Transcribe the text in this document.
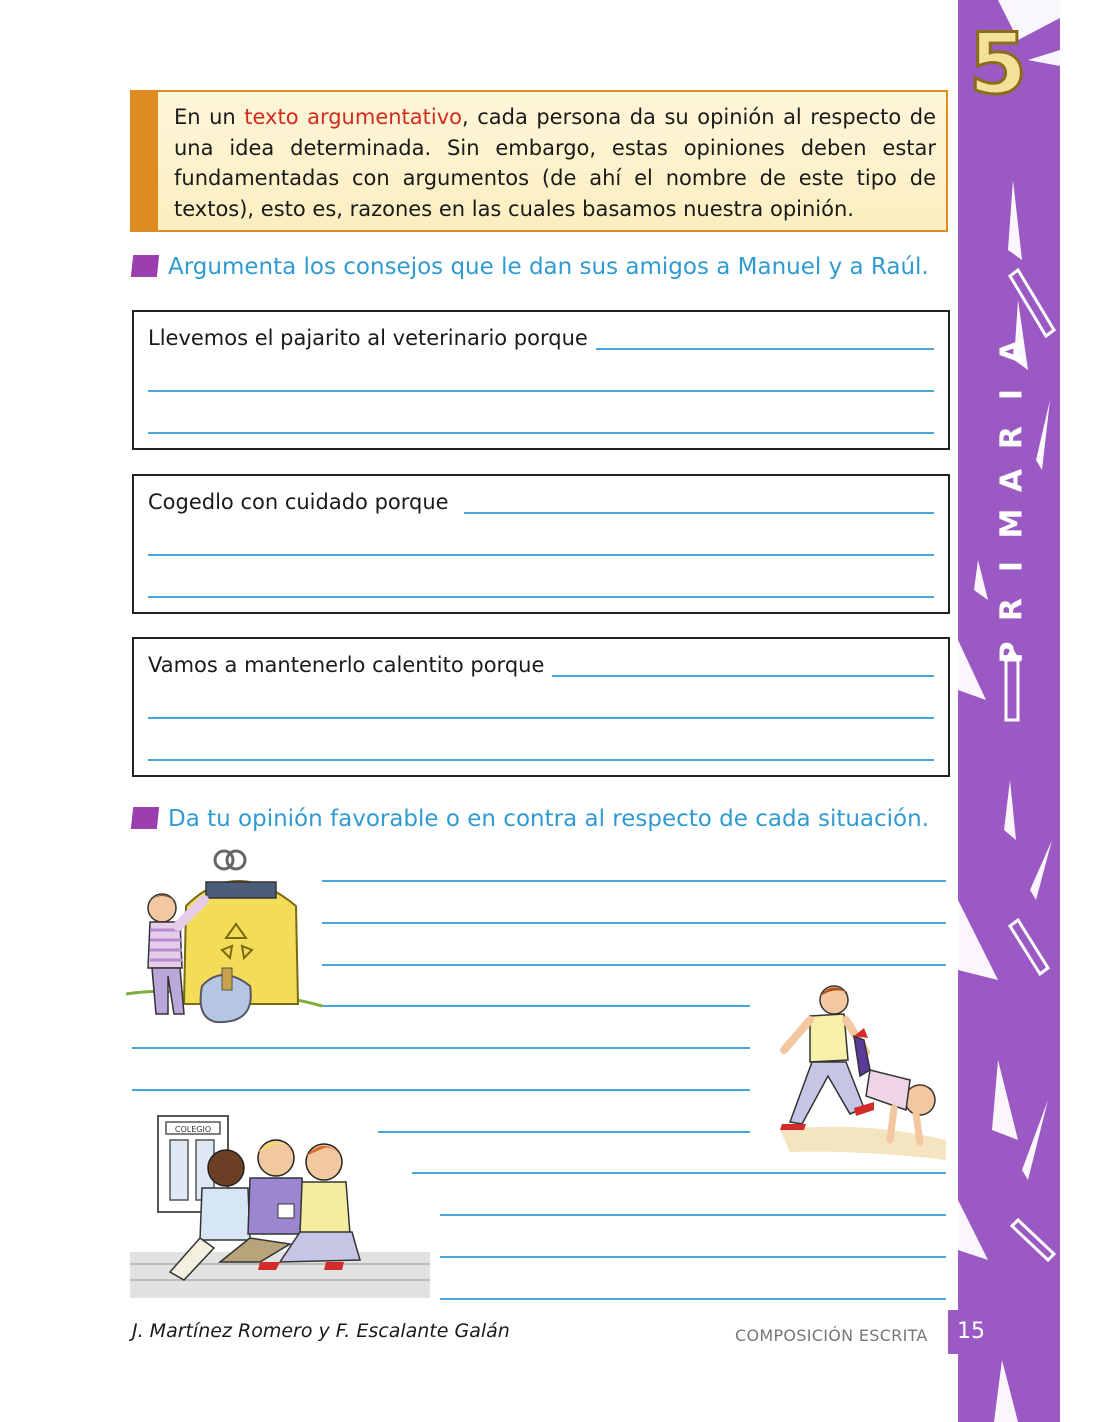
5
A
I
R
A
M
I
R
P
En un texto argumentativo, cada persona da su opinión al respecto de una idea determinada. Sin embargo, estas opiniones deben estar fundamentadas con argumentos (de ahí el nombre de este tipo de textos), esto es, razones en las cuales basamos nuestra opinión.
Argumenta los consejos que le dan sus amigos a Manuel y a Raúl.
Llevemos el pajarito al veterinario porque
Cogedlo con cuidado porque
Vamos a mantenerlo calentito porque
Da tu opinión favorable o en contra al respecto de cada situación.
COLEGIO
J. Martínez Romero y F. Escalante Galán	COMPOSICIÓN ESCRITA	15
